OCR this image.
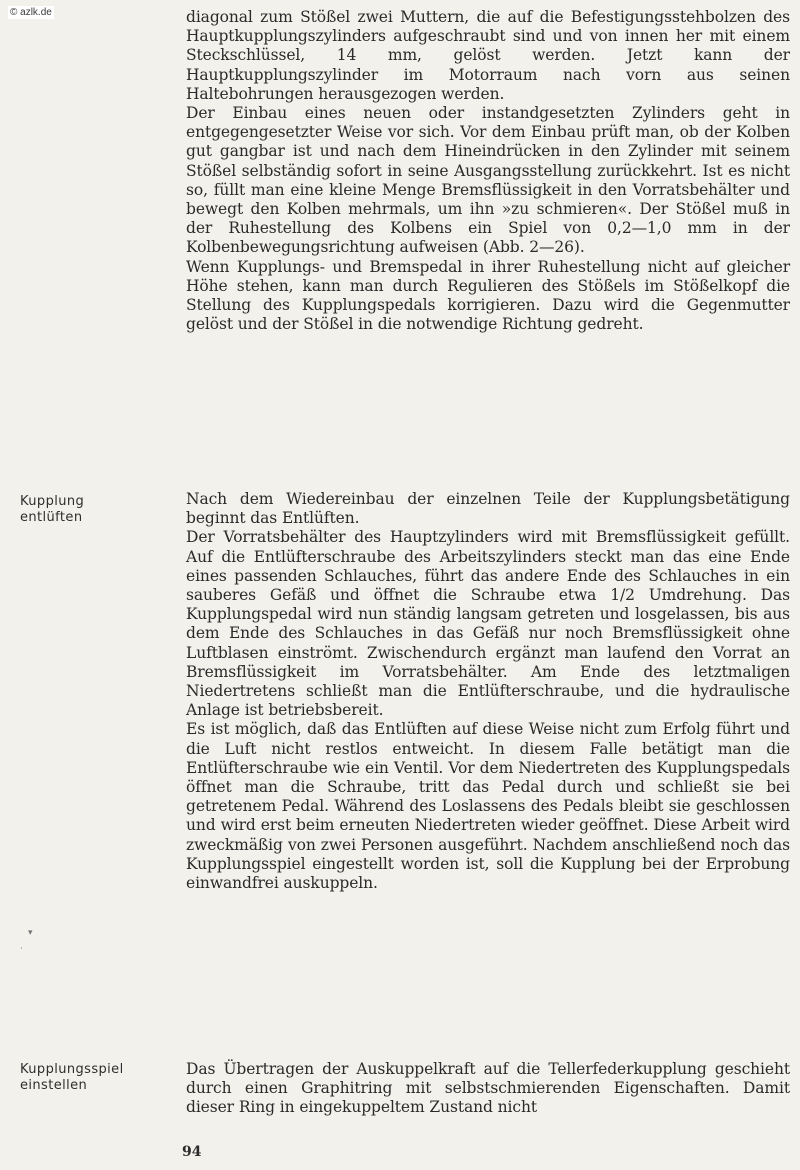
© azlk.de	diagonal zum Stößel zwei Muttern, die auf die Befestigungsstehbolzen des Hauptkupplungszylinders aufgeschraubt sind und von innen her mit einem Steckschlüssel, 14 mm, gelöst werden. Jetzt kann der Hauptkupplungszylinder im Motorraum nach vorn aus seinen Haltebohrungen herausgezogen werden.

Der Einbau eines neuen oder instandgesetzten Zylinders geht in entgegengesetzter Weise vor sich. Vor dem Einbau prüft man, ob der Kolben gut gangbar ist und nach dem Hineindrücken in den Zylinder mit seinem Stößel selbständig sofort in seine Ausgangsstellung zurückkehrt. Ist es nicht so, füllt man eine kleine Menge Bremsflüssigkeit in den Vorratsbehälter und bewegt den Kolben mehrmals, um ihn »zu schmieren«. Der Stößel muß in der Ruhestellung des Kolbens ein Spiel von 0,2—1,0 mm in der Kolbenbewegungsrichtung aufweisen (Abb. 2—26).

Wenn Kupplungs- und Bremspedal in ihrer Ruhestellung nicht auf gleicher Höhe stehen, kann man durch Regulieren des Stößels im Stößelkopf die Stellung des Kupplungspedals korrigieren. Dazu wird die Gegenmutter gelöst und der Stößel in die notwendige Richtung gedreht.

Kupplung
entlüften

Nach dem Wiedereinbau der einzelnen Teile der Kupplungsbetätigung beginnt das Entlüften.

Der Vorratsbehälter des Hauptzylinders wird mit Bremsflüssigkeit gefüllt. Auf die Entlüfterschraube des Arbeitszylinders steckt man das eine Ende eines passenden Schlauches, führt das andere Ende des Schlauches in ein sauberes Gefäß und öffnet die Schraube etwa 1/2 Umdrehung. Das Kupplungspedal wird nun ständig langsam getreten und losgelassen, bis aus dem Ende des Schlauches in das Gefäß nur noch Bremsflüssigkeit ohne Luftblasen einströmt. Zwischendurch ergänzt man laufend den Vorrat an Bremsflüssigkeit im Vorratsbehälter. Am Ende des letztmaligen Niedertretens schließt man die Entlüfterschraube, und die hydraulische Anlage ist betriebsbereit.

Es ist möglich, daß das Entlüften auf diese Weise nicht zum Erfolg führt und die Luft nicht restlos entweicht. In diesem Falle betätigt man die Entlüfterschraube wie ein Ventil. Vor dem Niedertreten des Kupplungspedals öffnet man die Schraube, tritt das Pedal durch und schließt sie bei getretenem Pedal. Während des Loslassens des Pedals bleibt sie geschlossen und wird erst beim erneuten Niedertreten wieder geöffnet. Diese Arbeit wird zweckmäßig von zwei Personen ausgeführt. Nachdem anschließend noch das Kupplungsspiel eingestellt worden ist, soll die Kupplung bei der Erprobung einwandfrei auskuppeln.

▾
·
Kupplungsspiel
einstellen

Das Übertragen der Auskuppelkraft auf die Tellerfederkupplung geschieht durch einen Graphitring mit selbstschmierenden Eigenschaften. Damit dieser Ring in eingekuppeltem Zustand nicht

94
